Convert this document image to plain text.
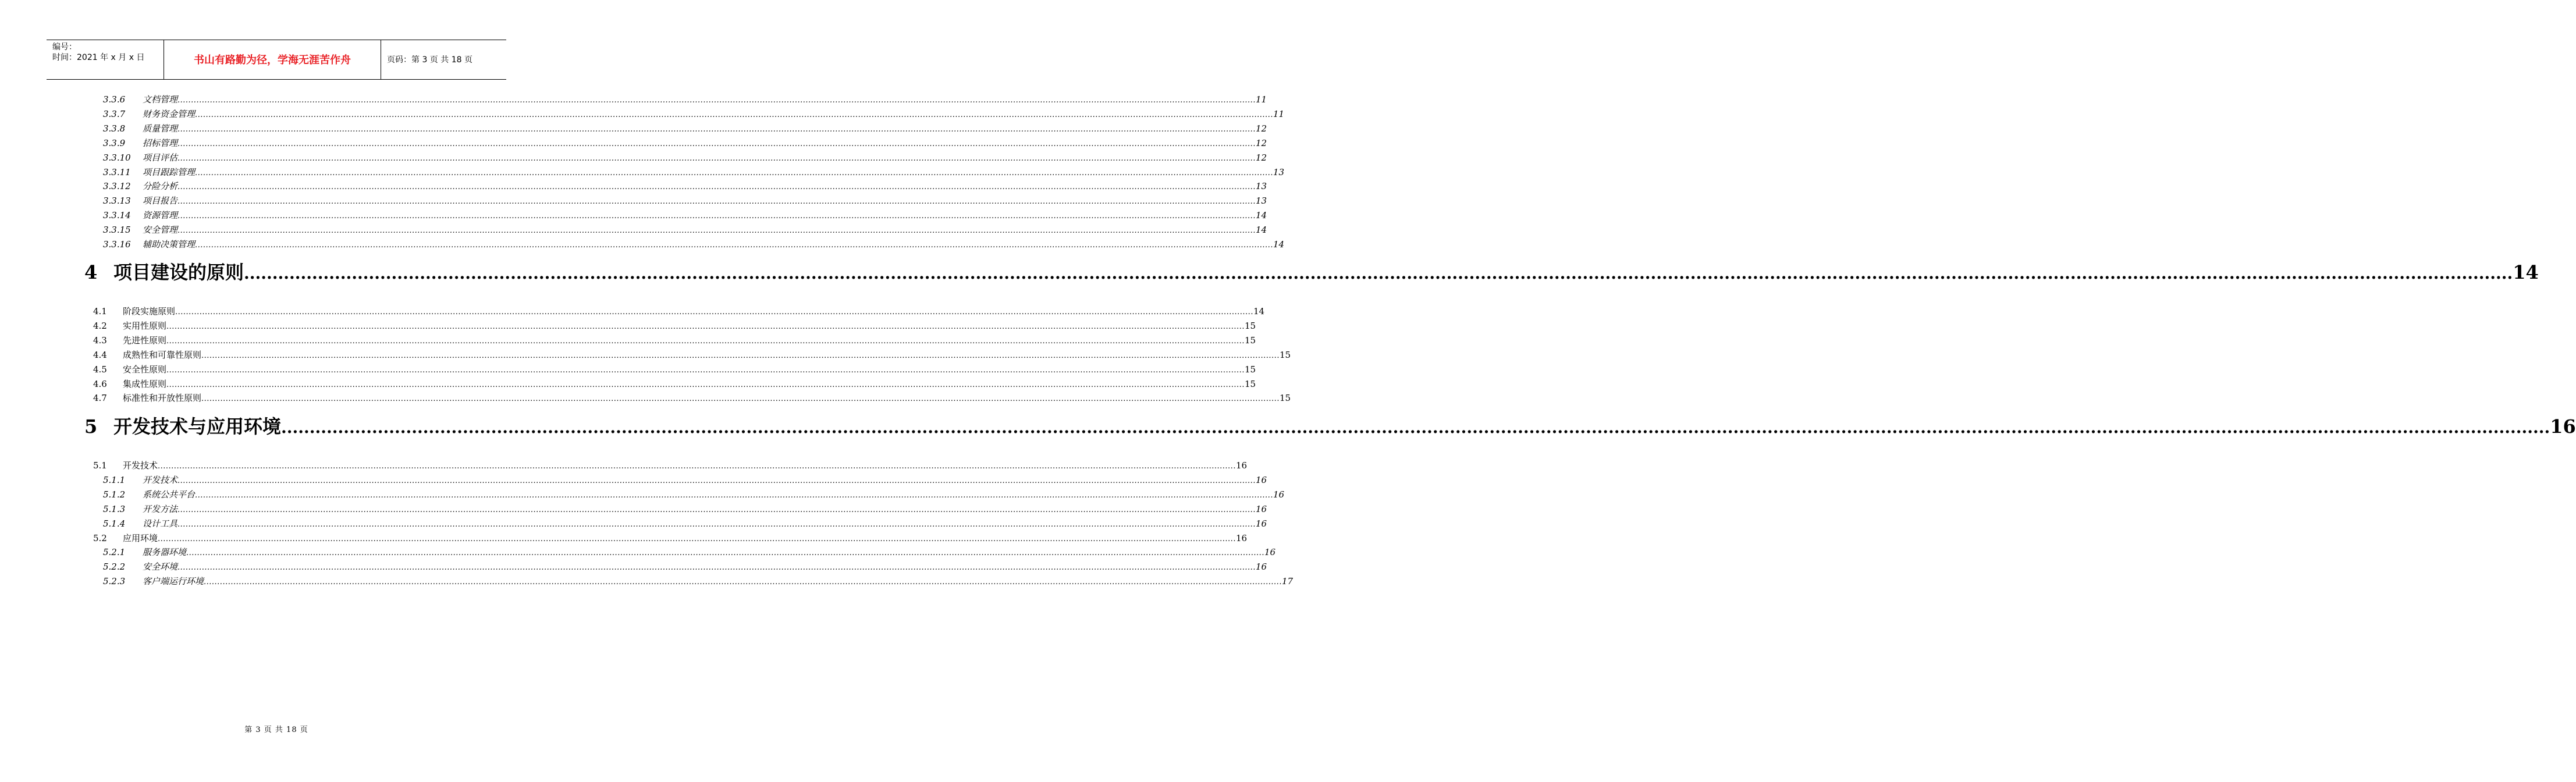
编号：
时间：2021 年 x 月 x 日	书山有路勤为径，学海无涯苦作舟	页码：第 3 页 共 18 页
3.3.6 文档管理 ................................................................................................................................................................................................................................................................................................................................................................................................................ 11
3.3.7 财务资金管理 ................................................................................................................................................................................................................................................................................................................................................................................................................ 11
3.3.8 质量管理 ................................................................................................................................................................................................................................................................................................................................................................................................................ 12
3.3.9 招标管理 ................................................................................................................................................................................................................................................................................................................................................................................................................ 12
3.3.10 项目评估 ................................................................................................................................................................................................................................................................................................................................................................................................................ 12
3.3.11 项目跟踪管理 ................................................................................................................................................................................................................................................................................................................................................................................................................ 13
3.3.12 分险分析 ................................................................................................................................................................................................................................................................................................................................................................................................................ 13
3.3.13 项目报告 ................................................................................................................................................................................................................................................................................................................................................................................................................ 13
3.3.14 资源管理 ................................................................................................................................................................................................................................................................................................................................................................................................................ 14
3.3.15 安全管理 ................................................................................................................................................................................................................................................................................................................................................................................................................ 14
3.3.16 辅助决策管理 ................................................................................................................................................................................................................................................................................................................................................................................................................ 14
4 项目建设的原则 ................................................................................................................................................................................................................................................................................................................................................................................................................ 14
4.1 阶段实施原则 ................................................................................................................................................................................................................................................................................................................................................................................................................ 14
4.2 实用性原则 ................................................................................................................................................................................................................................................................................................................................................................................................................ 15
4.3 先进性原则 ................................................................................................................................................................................................................................................................................................................................................................................................................ 15
4.4 成熟性和可靠性原则 ................................................................................................................................................................................................................................................................................................................................................................................................................ 15
4.5 安全性原则 ................................................................................................................................................................................................................................................................................................................................................................................................................ 15
4.6 集成性原则 ................................................................................................................................................................................................................................................................................................................................................................................................................ 15
4.7 标准性和开放性原则 ................................................................................................................................................................................................................................................................................................................................................................................................................ 15
5 开发技术与应用环境 ................................................................................................................................................................................................................................................................................................................................................................................................................ 16
5.1 开发技术 ................................................................................................................................................................................................................................................................................................................................................................................................................ 16
5.1.1 开发技术 ................................................................................................................................................................................................................................................................................................................................................................................................................ 16
5.1.2 系统公共平台 ................................................................................................................................................................................................................................................................................................................................................................................................................ 16
5.1.3 开发方法 ................................................................................................................................................................................................................................................................................................................................................................................................................ 16
5.1.4 设计工具 ................................................................................................................................................................................................................................................................................................................................................................................................................ 16
5.2 应用环境 ................................................................................................................................................................................................................................................................................................................................................................................................................ 16
5.2.1 服务器环境 ................................................................................................................................................................................................................................................................................................................................................................................................................ 16
5.2.2 安全环境 ................................................................................................................................................................................................................................................................................................................................................................................................................ 16
5.2.3 客户端运行环境 ................................................................................................................................................................................................................................................................................................................................................................................................................ 17
第 3 页 共 18 页
